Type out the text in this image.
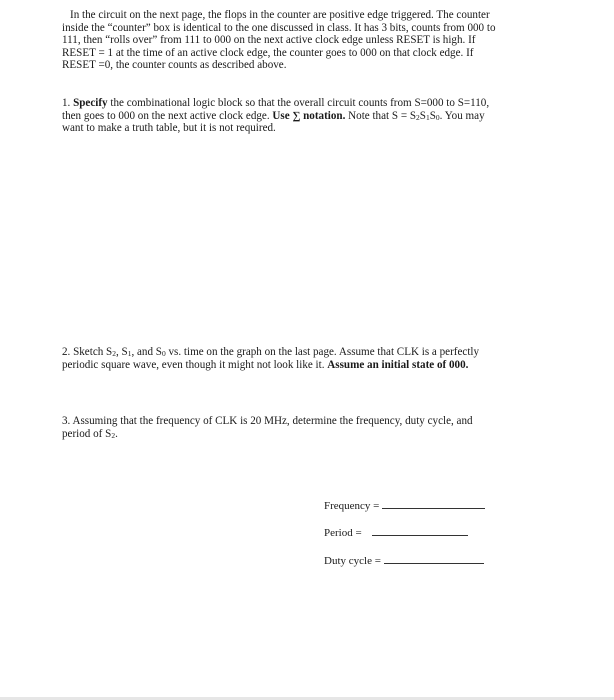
In the circuit on the next page, the flops in the counter are positive edge triggered. The counter
inside the “counter” box is identical to the one discussed in class. It has 3 bits, counts from 000 to
111, then “rolls over” from 111 to 000 on the next active clock edge unless RESET is high. If
RESET = 1 at the time of an active clock edge, the counter goes to 000 on that clock edge. If
RESET =0, the counter counts as described above.
1. Specify the combinational logic block so that the overall circuit counts from S=000 to S=110,
then goes to 000 on the next active clock edge. Use ∑ notation. Note that $S = S_2S_1S_0$. You may
want to make a truth table, but it is not required.
2. Sketch $S_2$, $S_1$, and $S_0$ vs. time on the graph on the last page. Assume that CLK is a perfectly
periodic square wave, even though it might not look like it. Assume an initial state of 000.
3. Assuming that the frequency of CLK is 20 MHz, determine the frequency, duty cycle, and
period of $S_2$.
Frequency =
Period =
Duty cycle =
